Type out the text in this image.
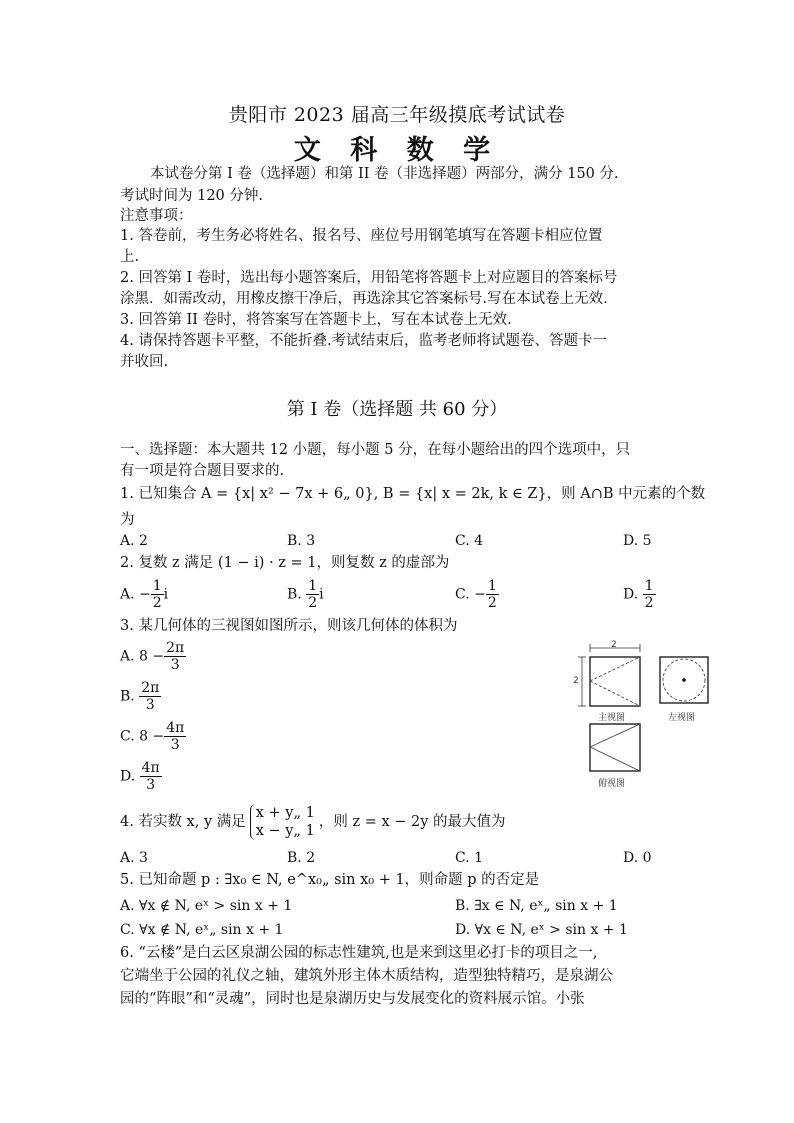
贵阳市 2023 届高三年级摸底考试试卷
文 科 数 学
本试卷分第 I 卷（选择题）和第 II 卷（非选择题）两部分，满分 150 分.
考试时间为 120 分钟.
注意事项：
1. 答卷前，考生务必将姓名、报名号、座位号用钢笔填写在答题卡相应位置
上.
2. 回答第 I 卷时，选出每小题答案后，用铅笔将答题卡上对应题目的答案标号
涂黑．如需改动，用橡皮擦干净后，再选涂其它答案标号.写在本试卷上无效.
3. 回答第 II 卷时，将答案写在答题卡上，写在本试卷上无效.
4. 请保持答题卡平整，不能折叠.考试结束后，监考老师将试题卷、答题卡一
并收回.
第 I 卷（选择题 共 60 分）
一、选择题：本大题共 12 小题，每小题 5 分，在每小题给出的四个选项中，只
有一项是符合题目要求的.
1. 已知集合 A = {x| x² − 7x + 6„ 0}, B = {x| x = 2k, k ∈ Z}，则 A∩B 中元素的个数
为
A. 2	B. 3	C. 4	D. 5
2. 复数 z 满足 (1 − i) · z = 1，则复数 z 的虚部为
A. − $\frac{1}{2}$ i	B. $\frac{1}{2}$ i	C. − $\frac{1}{2}$	D. $\frac{1}{2}$
3. 某几何体的三视图如图所示，则该几何体的体积为
A. $8 - \frac{2\pi}{3}$
B. $\frac{2\pi}{3}$
C. $8 - \frac{4\pi}{3}$
D. $\frac{4\pi}{3}$
2
2
主视图	左视图
俯视图
4. 若实数 x, y 满足
x + y„ 1
x − y„ 1
，则 z = x − 2y 的最大值为
A. 3	B. 2	C. 1	D. 0
5. 已知命题 p : ∃x₀ ∈ N, e^x₀„ sin x₀ + 1，则命题 p 的否定是
A. ∀x ∉ N, eˣ > sin x + 1	B. ∃x ∈ N, eˣ„ sin x + 1
C. ∀x ∉ N, eˣ„ sin x + 1	D. ∀x ∈ N, eˣ > sin x + 1
6. “云楼”是白云区泉湖公园的标志性建筑,也是来到这里必打卡的项目之一,
它端坐于公园的礼仪之轴，建筑外形主体木质结构，造型独特精巧，是泉湖公
园的“阵眼”和“灵魂”，同时也是泉湖历史与发展变化的资料展示馆。小张
